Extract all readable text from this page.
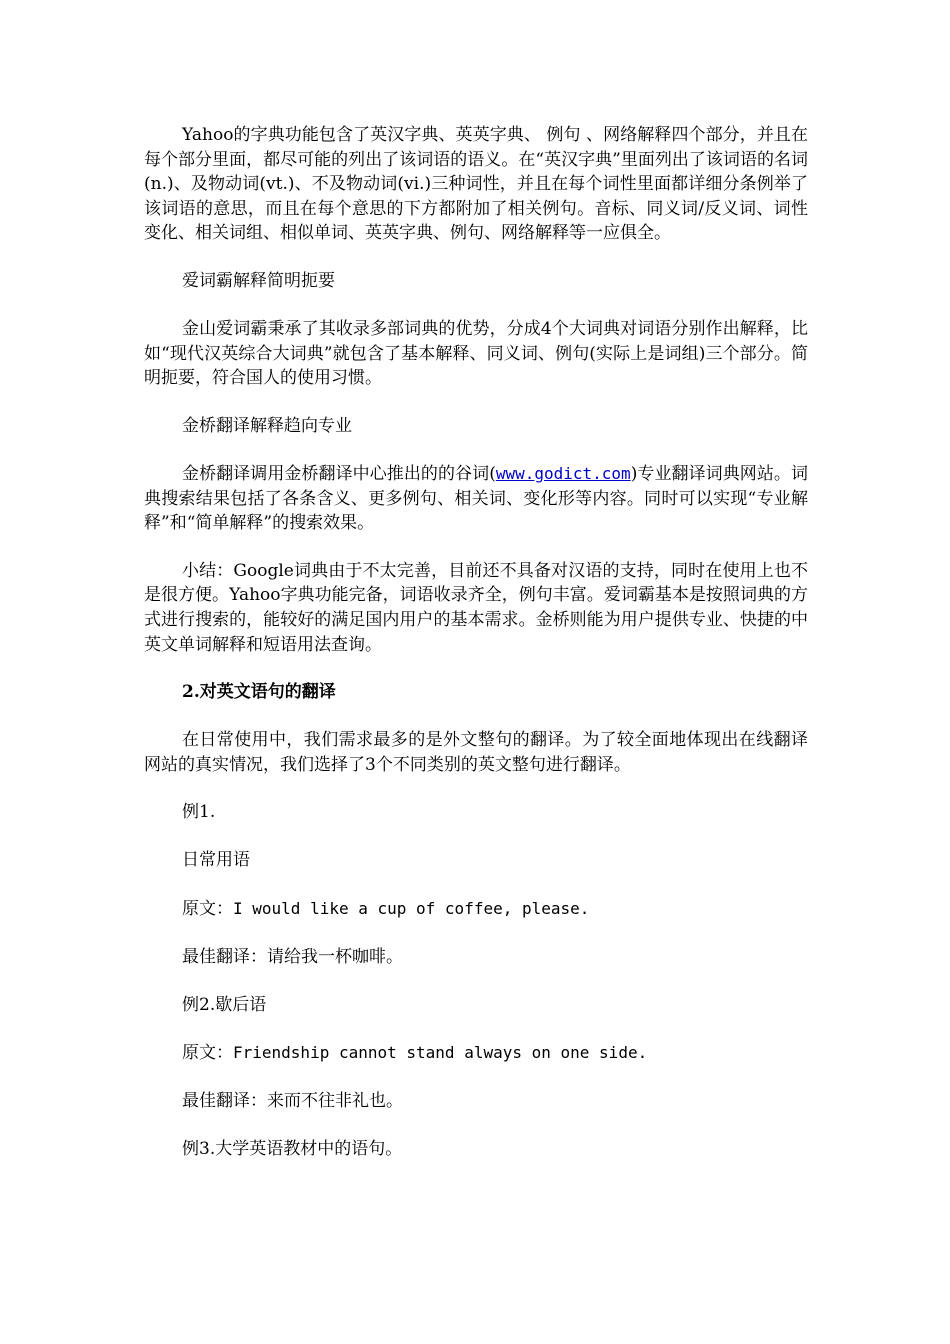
Yahoo的字典功能包含了英汉字典、英英字典、 例句 、网络解释四个部分，并且在每个部分里面，都尽可能的列出了该词语的语义。在“英汉字典”里面列出了该词语的名词(n.)、及物动词(vt.)、不及物动词(vi.)三种词性，并且在每个词性里面都详细分条例举了该词语的意思，而且在每个意思的下方都附加了相关例句。音标、同义词/反义词、词性变化、相关词组、相似单词、英英字典、例句、网络解释等一应俱全。

爱词霸解释简明扼要

金山爱词霸秉承了其收录多部词典的优势，分成4个大词典对词语分别作出解释，比如“现代汉英综合大词典”就包含了基本解释、同义词、例句(实际上是词组)三个部分。简明扼要，符合国人的使用习惯。

金桥翻译解释趋向专业

金桥翻译调用金桥翻译中心推出的的谷词(www.godict.com)专业翻译词典网站。词典搜索结果包括了各条含义、更多例句、相关词、变化形等内容。同时可以实现“专业解释”和“简单解释”的搜索效果。

小结：Google词典由于不太完善，目前还不具备对汉语的支持，同时在使用上也不是很方便。Yahoo字典功能完备，词语收录齐全，例句丰富。爱词霸基本是按照词典的方式进行搜索的，能较好的满足国内用户的基本需求。金桥则能为用户提供专业、快捷的中英文单词解释和短语用法查询。

2.对英文语句的翻译

在日常使用中，我们需求最多的是外文整句的翻译。为了较全面地体现出在线翻译网站的真实情况，我们选择了3个不同类别的英文整句进行翻译。

例1.

日常用语

原文：I would like a cup of coffee, please.

最佳翻译：请给我一杯咖啡。

例2.歇后语

原文：Friendship cannot stand always on one side.

最佳翻译：来而不往非礼也。

例3.大学英语教材中的语句。
